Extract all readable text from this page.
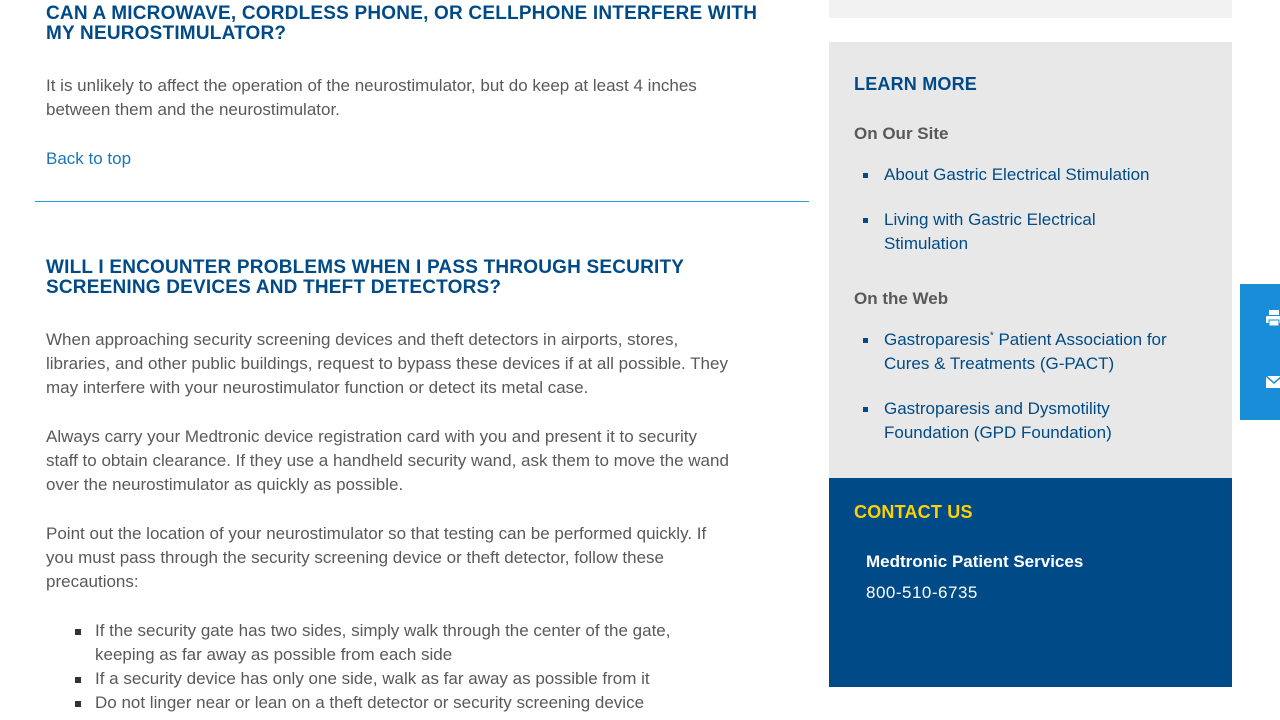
CAN A MICROWAVE, CORDLESS PHONE, OR CELLPHONE INTERFERE WITH
MY NEUROSTIMULATOR?
It is unlikely to affect the operation of the neurostimulator, but do keep at least 4 inches
between them and the neurostimulator.
Back to top
WILL I ENCOUNTER PROBLEMS WHEN I PASS THROUGH SECURITY
SCREENING DEVICES AND THEFT DETECTORS?
When approaching security screening devices and theft detectors in airports, stores,
libraries, and other public buildings, request to bypass these devices if at all possible. They
may interfere with your neurostimulator function or detect its metal case.
Always carry your Medtronic device registration card with you and present it to security
staff to obtain clearance. If they use a handheld security wand, ask them to move the wand
over the neurostimulator as quickly as possible.
Point out the location of your neurostimulator so that testing can be performed quickly. If
you must pass through the security screening device or theft detector, follow these
precautions:
If the security gate has two sides, simply walk through the center of the gate,
keeping as far away as possible from each side
If a security device has only one side, walk as far away as possible from it
Do not linger near or lean on a theft detector or security screening device
LEARN MORE
On Our Site
About Gastric Electrical Stimulation
Living with Gastric Electrical
Stimulation
On the Web
Gastroparesis* Patient Association for
Cures & Treatments (G-PACT)
Gastroparesis and Dysmotility
Foundation (GPD Foundation)
CONTACT US
Medtronic Patient Services
800-510-6735
